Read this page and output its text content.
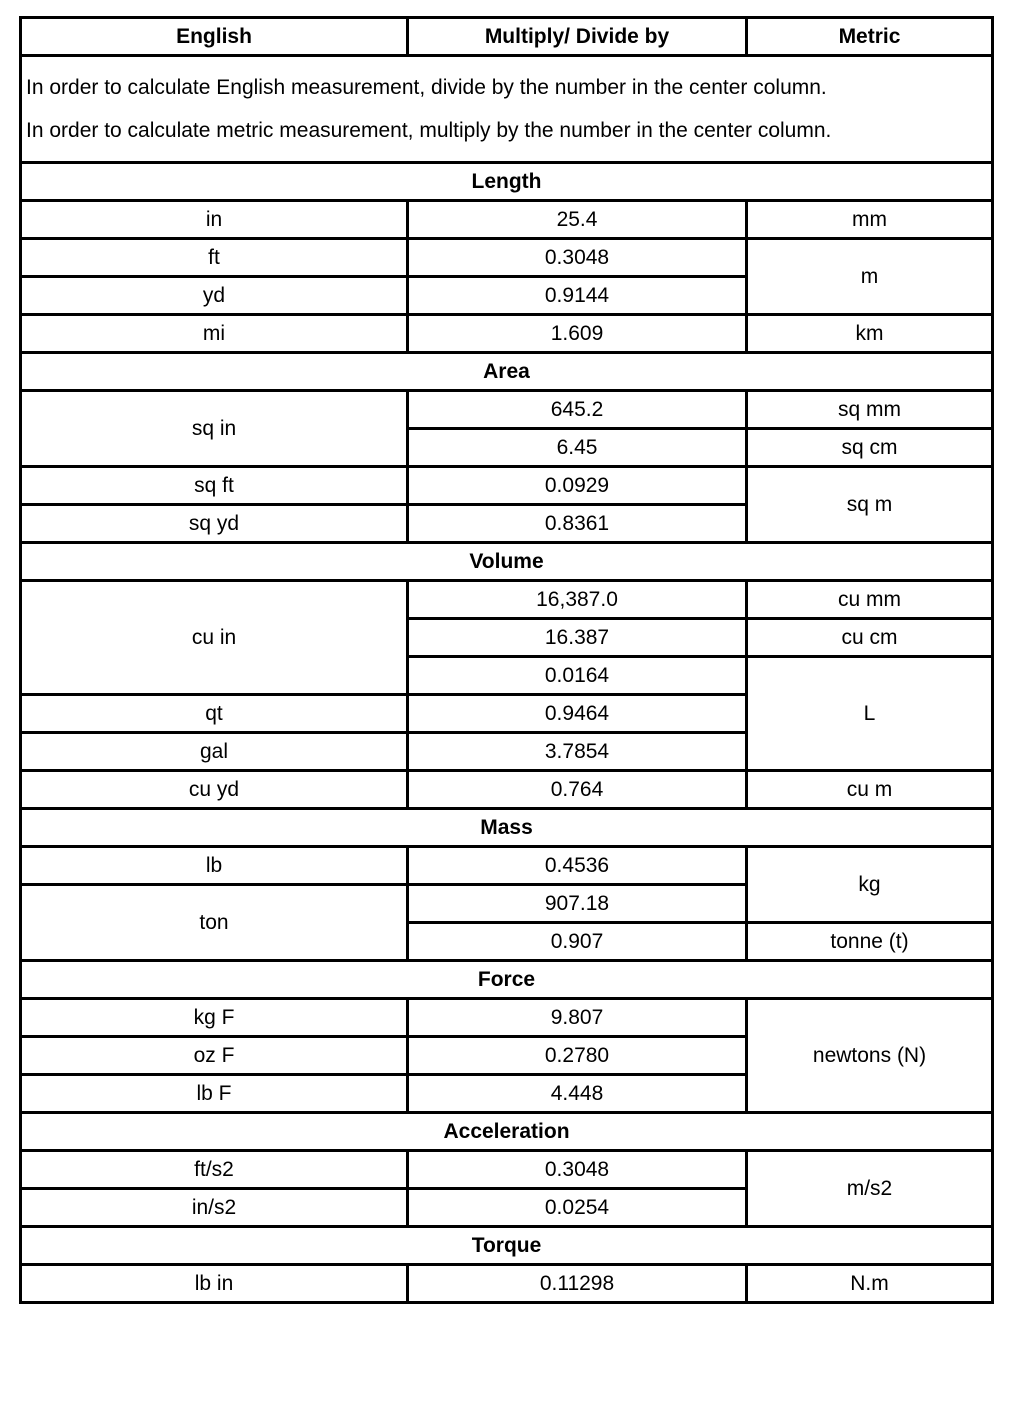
English	Multiply/ Divide by	Metric

In order to calculate English measurement, divide by the number in the center column.

In order to calculate metric measurement, multiply by the number in the center column.		

Length		
in	25.4	mm
ft	0.3048	m
yd	0.9144	
mi	1.609	km
Area		
sq in	645.2	sq mm
	6.45	sq cm
sq ft	0.0929	sq m
sq yd	0.8361	
Volume		
cu in	16,387.0	cu mm
	16.387	cu cm
	0.0164	L
qt	0.9464	
gal	3.7854	
cu yd	0.764	cu m
Mass		
lb	0.4536	kg
ton	907.18	
	0.907	tonne (t)
Force		
kg F	9.807	newtons (N)
oz F	0.2780	
lb F	4.448	
Acceleration		
ft/s2	0.3048	m/s2
in/s2	0.0254	
Torque		
lb in	0.11298	N.m
